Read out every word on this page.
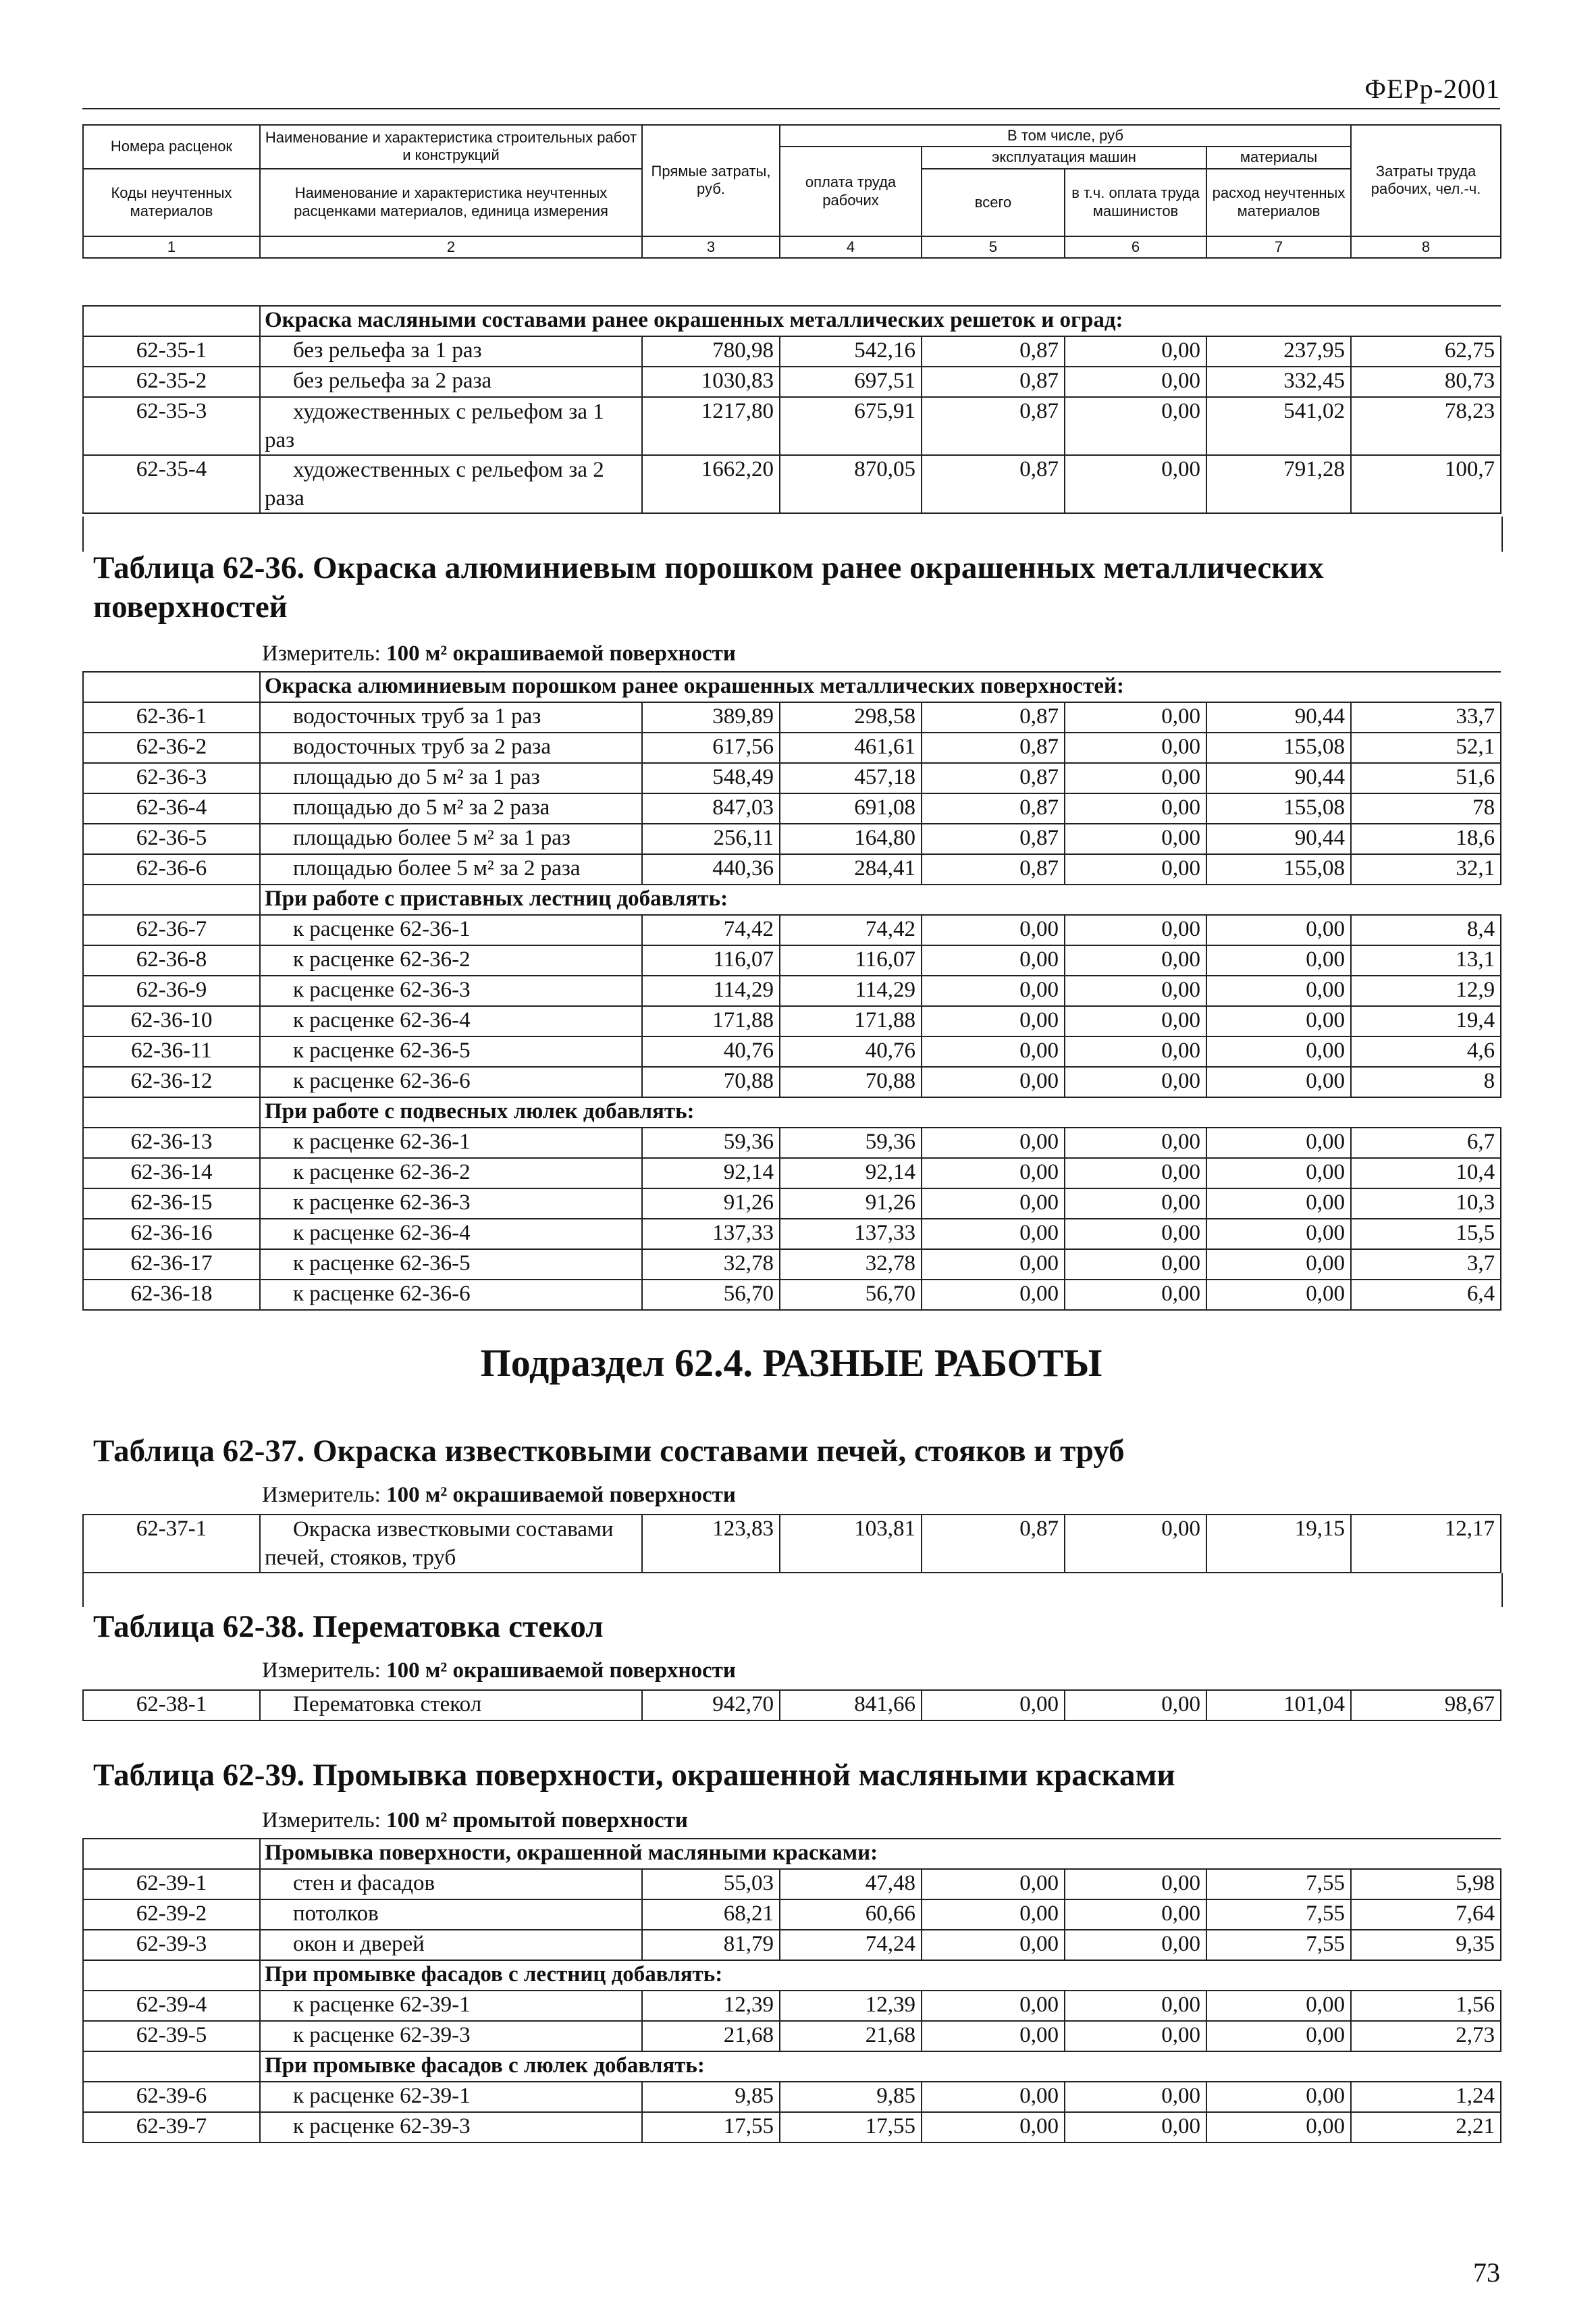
ФЕРр-2001
Номера расценок	Наименование и характеристика строительных работ и конструкций	Прямые затраты, руб.	В том числе, руб				Затраты труда рабочих, чел.-ч.
			оплата труда рабочих	эксплуатация машин		материалы	
Коды неучтенных материалов	Наименование и характеристика неучтенных расценками материалов, единица измерения			всего	в т.ч. оплата труда машинистов	расход неучтенных материалов	

1	2	3	4	5	6	7	8
	Окраска масляными составами ранее окрашенных металлических решеток и оград:						
62-35-1	без рельефа за 1 раз	780,98	542,16	0,87	0,00	237,95	62,75
62-35-2	без рельефа за 2 раза	1030,83	697,51	0,87	0,00	332,45	80,73
62-35-3	художественных с рельефом за 1 раз	1217,80	675,91	0,87	0,00	541,02	78,23
62-35-4	художественных с рельефом за 2 раза	1662,20	870,05	0,87	0,00	791,28	100,7
Таблица 62-36. Окраска алюминиевым порошком ранее окрашенных металлических поверхностей
Измеритель: 100 м² окрашиваемой поверхности
	Окраска алюминиевым порошком ранее окрашенных металлических поверхностей:						
62-36-1	водосточных труб за 1 раз	389,89	298,58	0,87	0,00	90,44	33,7
62-36-2	водосточных труб за 2 раза	617,56	461,61	0,87	0,00	155,08	52,1
62-36-3	площадью до 5 м² за 1 раз	548,49	457,18	0,87	0,00	90,44	51,6
62-36-4	площадью до 5 м² за 2 раза	847,03	691,08	0,87	0,00	155,08	78
62-36-5	площадью более 5 м² за 1 раз	256,11	164,80	0,87	0,00	90,44	18,6
62-36-6	площадью более 5 м² за 2 раза	440,36	284,41	0,87	0,00	155,08	32,1
	При работе с приставных лестниц добавлять:						
62-36-7	к расценке 62-36-1	74,42	74,42	0,00	0,00	0,00	8,4
62-36-8	к расценке 62-36-2	116,07	116,07	0,00	0,00	0,00	13,1
62-36-9	к расценке 62-36-3	114,29	114,29	0,00	0,00	0,00	12,9
62-36-10	к расценке 62-36-4	171,88	171,88	0,00	0,00	0,00	19,4
62-36-11	к расценке 62-36-5	40,76	40,76	0,00	0,00	0,00	4,6
62-36-12	к расценке 62-36-6	70,88	70,88	0,00	0,00	0,00	8
	При работе с подвесных люлек добавлять:						
62-36-13	к расценке 62-36-1	59,36	59,36	0,00	0,00	0,00	6,7
62-36-14	к расценке 62-36-2	92,14	92,14	0,00	0,00	0,00	10,4
62-36-15	к расценке 62-36-3	91,26	91,26	0,00	0,00	0,00	10,3
62-36-16	к расценке 62-36-4	137,33	137,33	0,00	0,00	0,00	15,5
62-36-17	к расценке 62-36-5	32,78	32,78	0,00	0,00	0,00	3,7
62-36-18	к расценке 62-36-6	56,70	56,70	0,00	0,00	0,00	6,4
Подраздел 62.4. РАЗНЫЕ РАБОТЫ
Таблица 62-37. Окраска известковыми составами печей, стояков и труб
Измеритель: 100 м² окрашиваемой поверхности
62-37-1	Окраска известковыми составами печей, стояков, труб	123,83	103,81	0,87	0,00	19,15	12,17
Таблица 62-38. Перематовка стекол
Измеритель: 100 м² окрашиваемой поверхности
62-38-1	Перематовка стекол	942,70	841,66	0,00	0,00	101,04	98,67
Таблица 62-39. Промывка поверхности, окрашенной масляными красками
Измеритель: 100 м² промытой поверхности
	Промывка поверхности, окрашенной масляными красками:						
62-39-1	стен и фасадов	55,03	47,48	0,00	0,00	7,55	5,98
62-39-2	потолков	68,21	60,66	0,00	0,00	7,55	7,64
62-39-3	окон и дверей	81,79	74,24	0,00	0,00	7,55	9,35
	При промывке фасадов с лестниц добавлять:						
62-39-4	к расценке 62-39-1	12,39	12,39	0,00	0,00	0,00	1,56
62-39-5	к расценке 62-39-3	21,68	21,68	0,00	0,00	0,00	2,73
	При промывке фасадов с люлек добавлять:						
62-39-6	к расценке 62-39-1	9,85	9,85	0,00	0,00	0,00	1,24
62-39-7	к расценке 62-39-3	17,55	17,55	0,00	0,00	0,00	2,21
73
